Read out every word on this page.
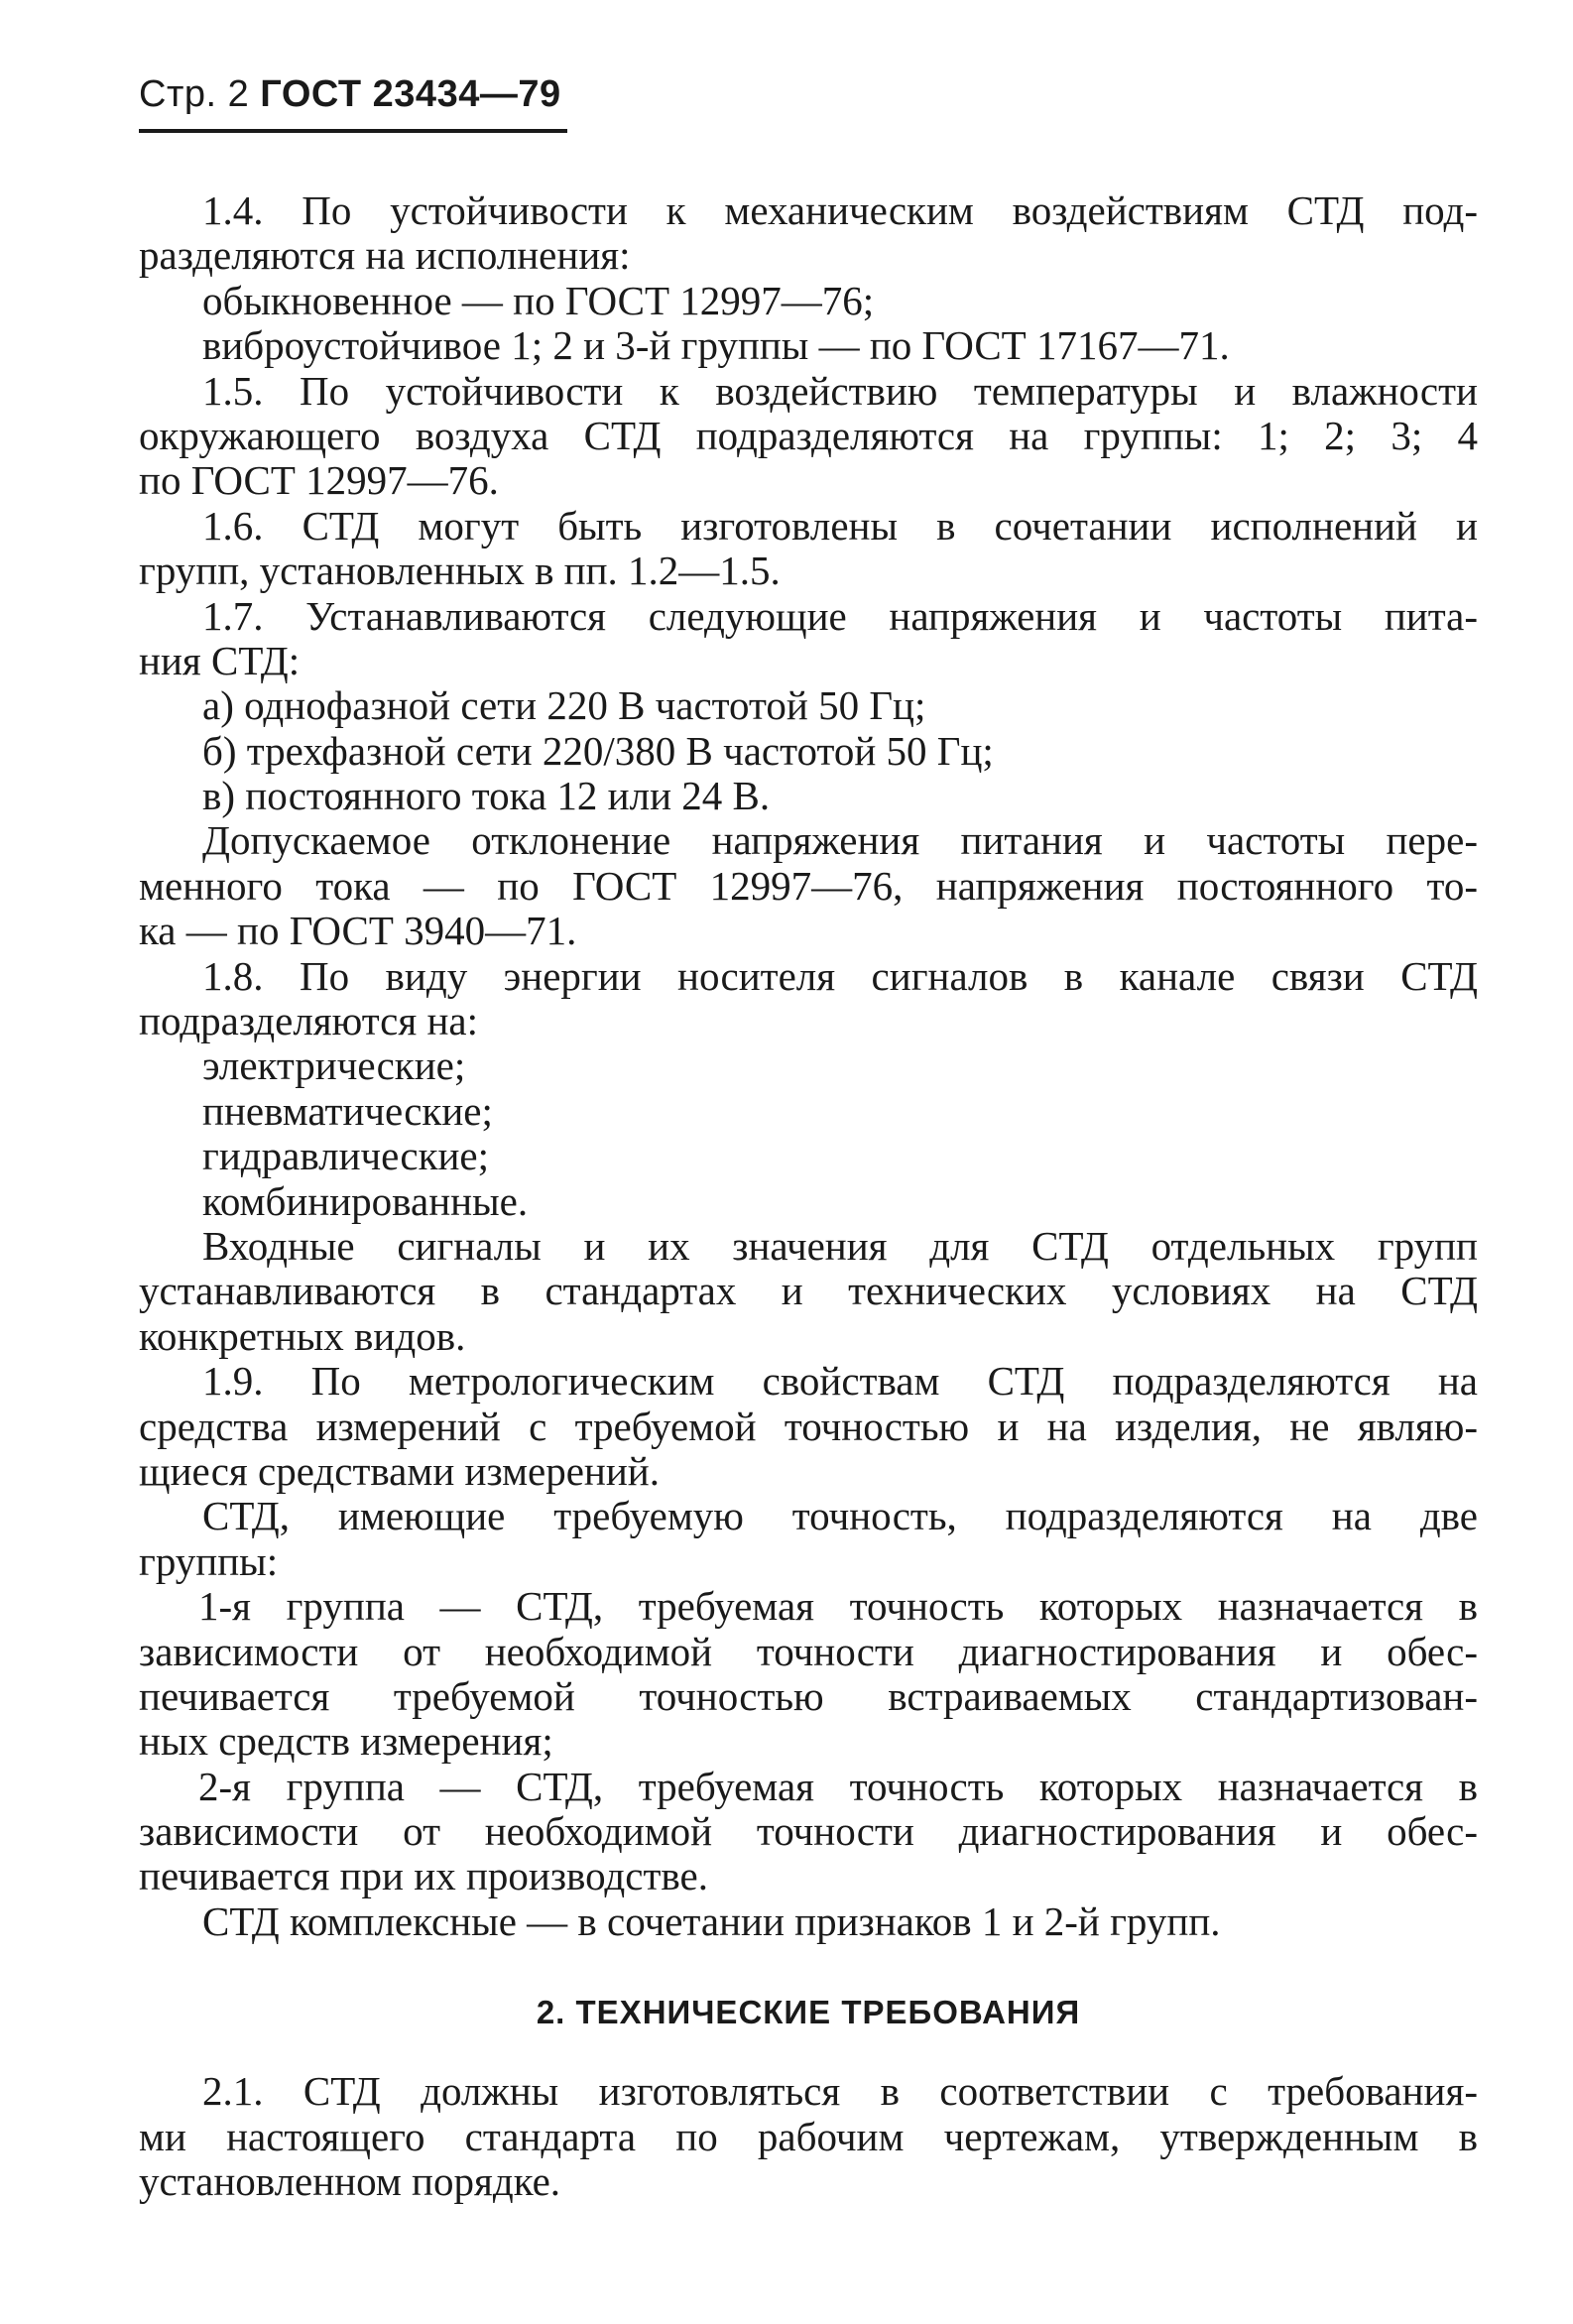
Стр. 2 ГОСТ 23434—79
1.4. По устойчивости к механическим воздействиям СТД под-
разделяются на исполнения:
обыкновенное — по ГОСТ 12997—76;
виброустойчивое 1; 2 и 3-й группы — по ГОСТ 17167—71.
1.5. По устойчивости к воздействию температуры и влажности
окружающего воздуха СТД подразделяются на группы: 1; 2; 3; 4
по ГОСТ 12997—76.
1.6. СТД могут быть изготовлены в сочетании исполнений и
групп, установленных в пп. 1.2—1.5.
1.7. Устанавливаются следующие напряжения и частоты пита-
ния СТД:
а) однофазной сети 220 В частотой 50 Гц;
б) трехфазной сети 220/380 В частотой 50 Гц;
в) постоянного тока 12 или 24 В.
Допускаемое отклонение напряжения питания и частоты пере-
менного тока — по ГОСТ 12997—76, напряжения постоянного то-
ка — по ГОСТ 3940—71.
1.8. По виду энергии носителя сигналов в канале связи СТД
подразделяются на:
электрические;
пневматические;
гидравлические;
комбинированные.
Входные сигналы и их значения для СТД отдельных групп
устанавливаются в стандартах и технических условиях на СТД
конкретных видов.
1.9. По метрологическим свойствам СТД подразделяются на
средства измерений с требуемой точностью и на изделия, не являю-
щиеся средствами измерений.
СТД, имеющие требуемую точность, подразделяются на две
группы:
1-я группа — СТД, требуемая точность которых назначается в
зависимости от необходимой точности диагностирования и обес-
печивается требуемой точностью встраиваемых стандартизован-
ных средств измерения;
2-я группа — СТД, требуемая точность которых назначается в
зависимости от необходимой точности диагностирования и обес-
печивается при их производстве.
СТД комплексные — в сочетании признаков 1 и 2-й групп.
2. ТЕХНИЧЕСКИЕ ТРЕБОВАНИЯ
2.1. СТД должны изготовляться в соответствии с требования-
ми настоящего стандарта по рабочим чертежам, утвержденным в
установленном порядке.
